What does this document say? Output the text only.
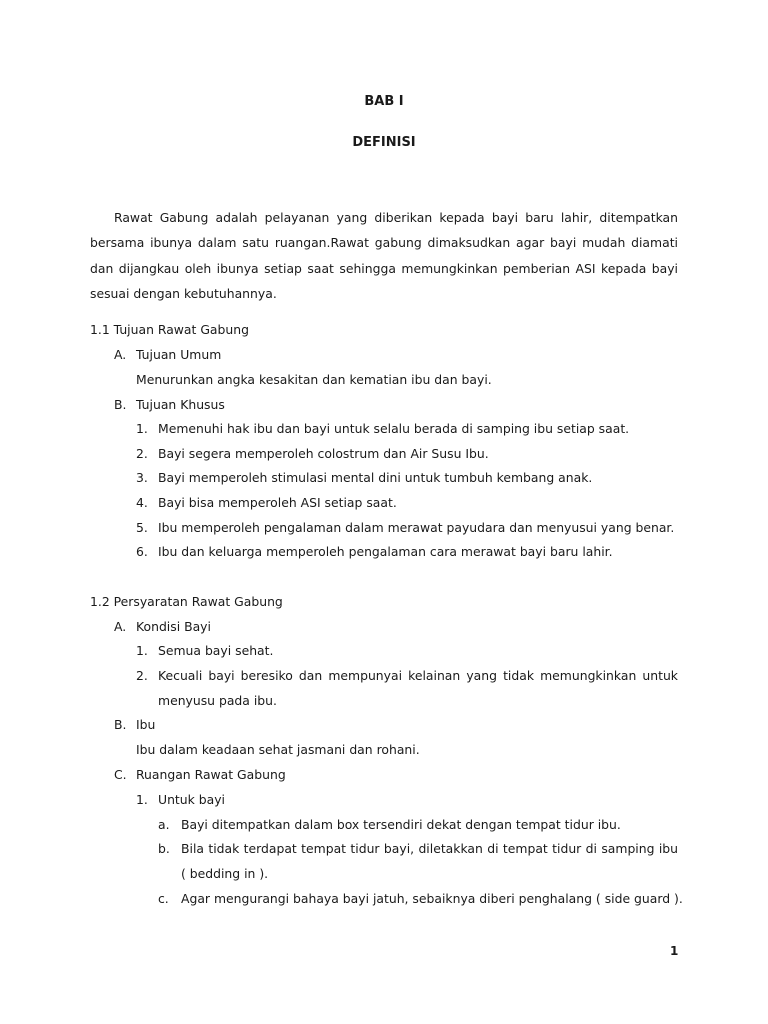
BAB I
DEFINISI

Rawat Gabung adalah pelayanan yang diberikan kepada bayi baru lahir, ditempatkan bersama ibunya dalam satu ruangan.Rawat gabung dimaksudkan agar bayi mudah diamati dan dijangkau oleh ibunya setiap saat sehingga memungkinkan pemberian ASI kepada bayi sesuai dengan kebutuhannya.

1.1 Tujuan Rawat Gabung
A. Tujuan Umum
Menurunkan angka kesakitan dan kematian ibu dan bayi.
B. Tujuan Khusus
1. Memenuhi hak ibu dan bayi untuk selalu berada di samping ibu setiap saat.
2. Bayi segera memperoleh colostrum dan Air Susu Ibu.
3. Bayi memperoleh stimulasi mental dini untuk tumbuh kembang anak.
4. Bayi bisa memperoleh ASI setiap saat.
5. Ibu memperoleh pengalaman dalam merawat payudara dan menyusui yang benar.
6. Ibu dan keluarga memperoleh pengalaman cara merawat bayi baru lahir.
1.2 Persyaratan Rawat Gabung
A. Kondisi Bayi
1. Semua bayi sehat.
2. Kecuali bayi beresiko dan mempunyai kelainan yang tidak memungkinkan untuk
menyusu pada ibu.
B. Ibu
Ibu dalam keadaan sehat jasmani dan rohani.
C. Ruangan Rawat Gabung
1. Untuk bayi
a. Bayi ditempatkan dalam box tersendiri dekat dengan tempat tidur ibu.
b. Bila tidak terdapat tempat tidur bayi, diletakkan di tempat tidur di samping ibu
( bedding in ).
c. Agar mengurangi bahaya bayi jatuh, sebaiknya diberi penghalang ( side guard ).
1
